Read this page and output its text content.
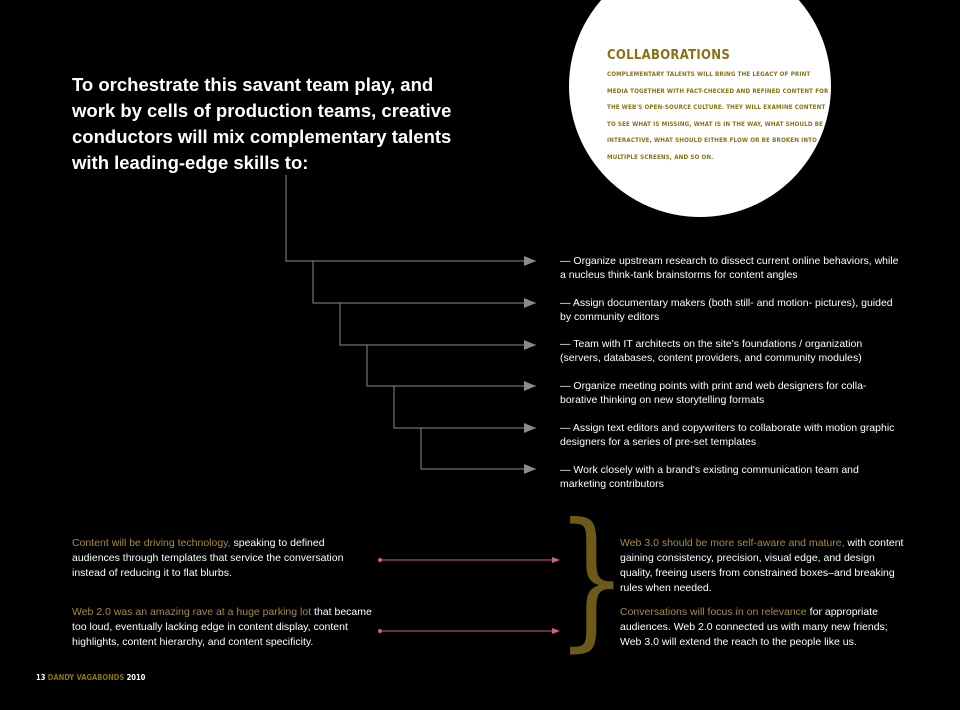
To orchestrate this savant team play, and work by cells of production teams, creative conductors will mix complementary talents with leading-edge skills to:
COLLABORATIONS

COMPLEMENTARY TALENTS WILL BRING THE LEGACY OF PRINT MEDIA TOGETHER WITH FACT-CHECKED AND REFINED CONTENT FOR THE WEB'S OPEN-SOURCE CULTURE. THEY WILL EXAMINE CONTENT TO SEE WHAT IS MISSING, WHAT IS IN THE WAY, WHAT SHOULD BE INTERACTIVE, WHAT SHOULD EITHER FLOW OR BE BROKEN INTO MULTIPLE SCREENS, AND SO ON.

— Organize upstream research to dissect current online behaviors, while a nucleus think-tank brainstorms for content angles

— Assign documentary makers (both still- and motion- pictures), guided by community editors

— Team with IT architects on the site's foundations / organization (servers, databases, content providers, and community modules)

— Organize meeting points with print and web designers for collaborative thinking on new storytelling formats

— Assign text editors and copywriters to collaborate with motion graphic designers for a series of pre-set templates

— Work closely with a brand's existing communication team and marketing contributors

Content will be driving technology, speaking to defined audiences through templates that service the conversation instead of reducing it to flat blurbs.

Web 2.0 was an amazing rave at a huge parking lot that became too loud, eventually lacking edge in content display, content highlights, content hierarchy, and content specificity.	}

Web 3.0 should be more self-aware and mature, with content gaining consistency, precision, visual edge, and design quality, freeing users from constrained boxes–and breaking rules when needed.

Conversations will focus in on relevance for appropriate audiences. Web 2.0 connected us with many new friends; Web 3.0 will extend the reach to the people like us.

13 DANDY VAGABONDS 2010
